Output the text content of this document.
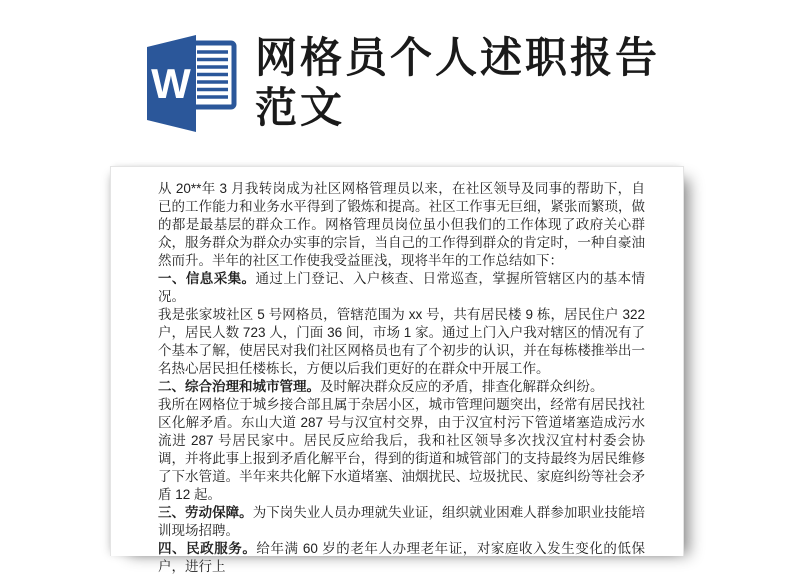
W
网格员个人述职报告范文

从 20**年 3 月我转岗成为社区网格管理员以来，在社区领导及同事的帮助下，自已的工作能力和业务水平得到了锻炼和提高。社区工作事无巨细，紧张而繁琐，做的都是最基层的群众工作。网格管理员岗位虽小但我们的工作体现了政府关心群众，服务群众为群众办实事的宗旨，当自己的工作得到群众的肯定时，一种自豪油然而升。半年的社区工作使我受益匪浅，现将半年的工作总结如下：

一、信息采集。通过上门登记、入户核查、日常巡查，掌握所管辖区内的基本情况。

我是张家坡社区 5 号网格员，管辖范围为 xx 号，共有居民楼 9 栋，居民住户 322 户，居民人数 723 人，门面 36 间，市场 1 家。通过上门入户我对辖区的情况有了个基本了解，使居民对我们社区网格员也有了个初步的认识，并在每栋楼推举出一名热心居民担任楼栋长，方便以后我们更好的在群众中开展工作。

二、综合治理和城市管理。及时解决群众反应的矛盾，排查化解群众纠纷。

我所在网格位于城乡接合部且属于杂居小区，城市管理问题突出，经常有居民找社区化解矛盾。东山大道 287 号与汉宜村交界，由于汉宜村污下管道堵塞造成污水流进 287 号居民家中。居民反应给我后，我和社区领导多次找汉宜村村委会协调，并将此事上报到矛盾化解平台，得到的街道和城管部门的支持最终为居民维修了下水管道。半年来共化解下水道堵塞、油烟扰民、垃圾扰民、家庭纠纷等社会矛盾 12 起。

三、劳动保障。为下岗失业人员办理就失业证，组织就业困难人群参加职业技能培训现场招聘。

四、民政服务。给年满 60 岁的老年人办理老年证，对家庭收入发生变化的低保户，进行上
